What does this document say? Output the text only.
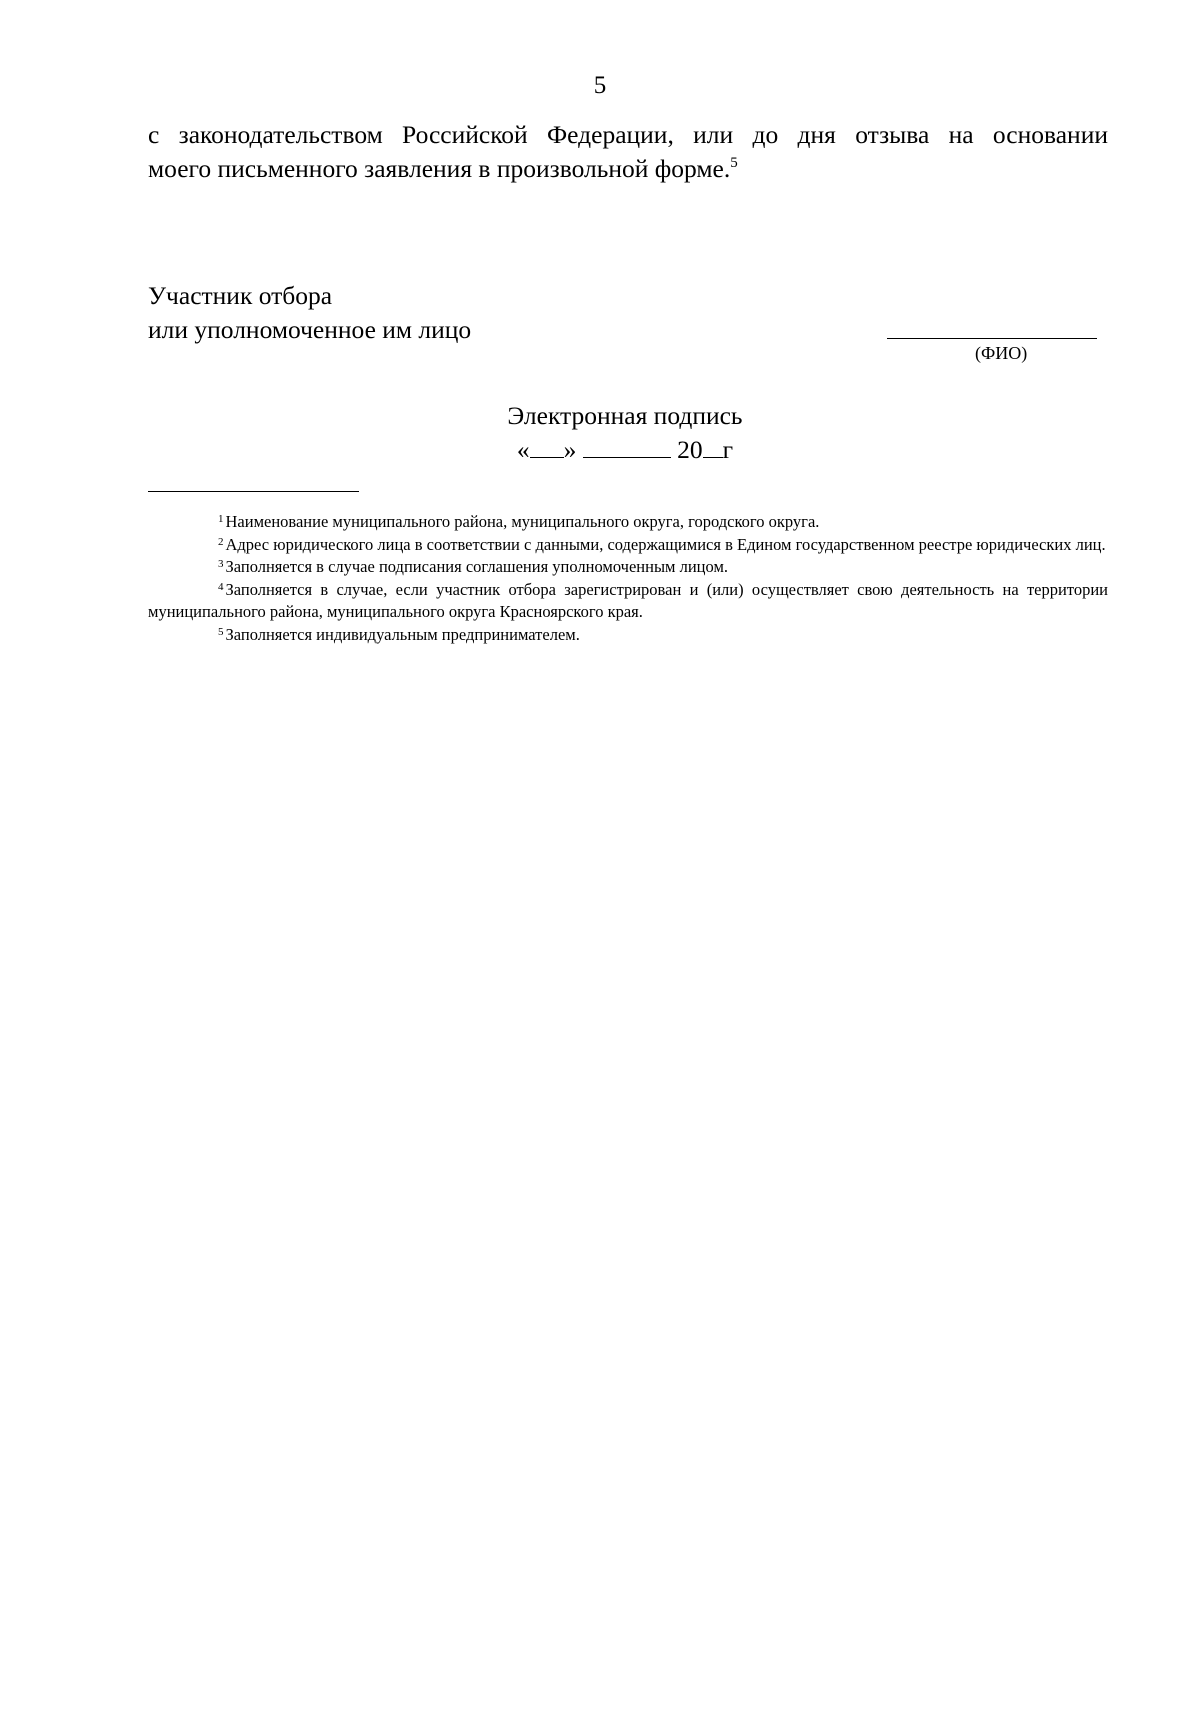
5
с законодательством Российской Федерации, или до дня отзыва на основании
моего письменного заявления в произвольной форме.$^5$
Участник отбора
или уполномоченное им лицо
(ФИО)
Электронная подпись
« »	20 г

$^1$ Наименование муниципального района, муниципального округа, городского округа.

$^2$ Адрес юридического лица в соответствии с данными, содержащимися в Едином государственном реестре юридических лиц.

$^3$ Заполняется в случае подписания соглашения уполномоченным лицом.

$^4$ Заполняется в случае, если участник отбора зарегистрирован и (или) осуществляет свою деятельность на территории муниципального района, муниципального округа Красноярского края.

$^5$ Заполняется индивидуальным предпринимателем.
